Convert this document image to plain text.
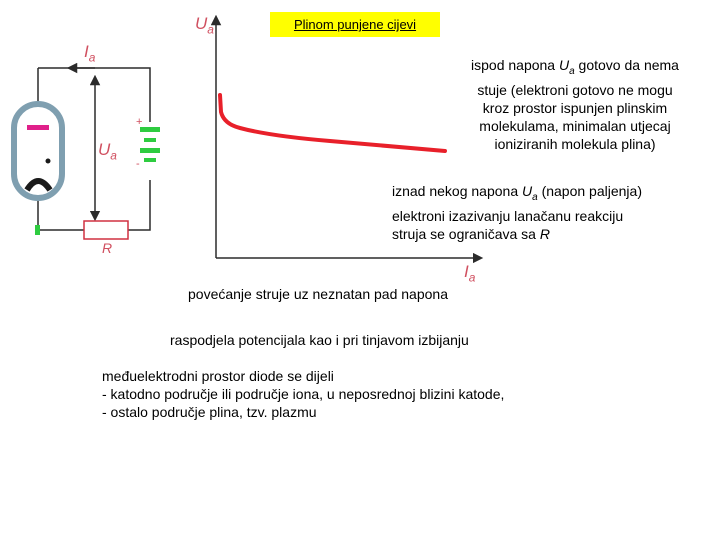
Plinom punjene cijevi
$I_a$
$U_a$
+
-
R
$U_a$
$I_a$
ispod napona $U_a$ gotovo da nema
stuje (elektroni gotovo ne mogu
kroz prostor ispunjen plinskim
molekulama, minimalan utjecaj
ioniziranih molekula plina)
iznad nekog napona $U_a$ (napon paljenja)
elektroni izazivanju lanačanu reakciju
struja se ograničava sa R
povećanje struje uz neznatan pad napona
raspodjela potencijala kao i pri tinjavom izbijanju
međuelektrodni prostor diode se dijeli
- katodno područje ili područje iona, u neposrednoj blizini katode,
- ostalo područje plina, tzv. plazmu
